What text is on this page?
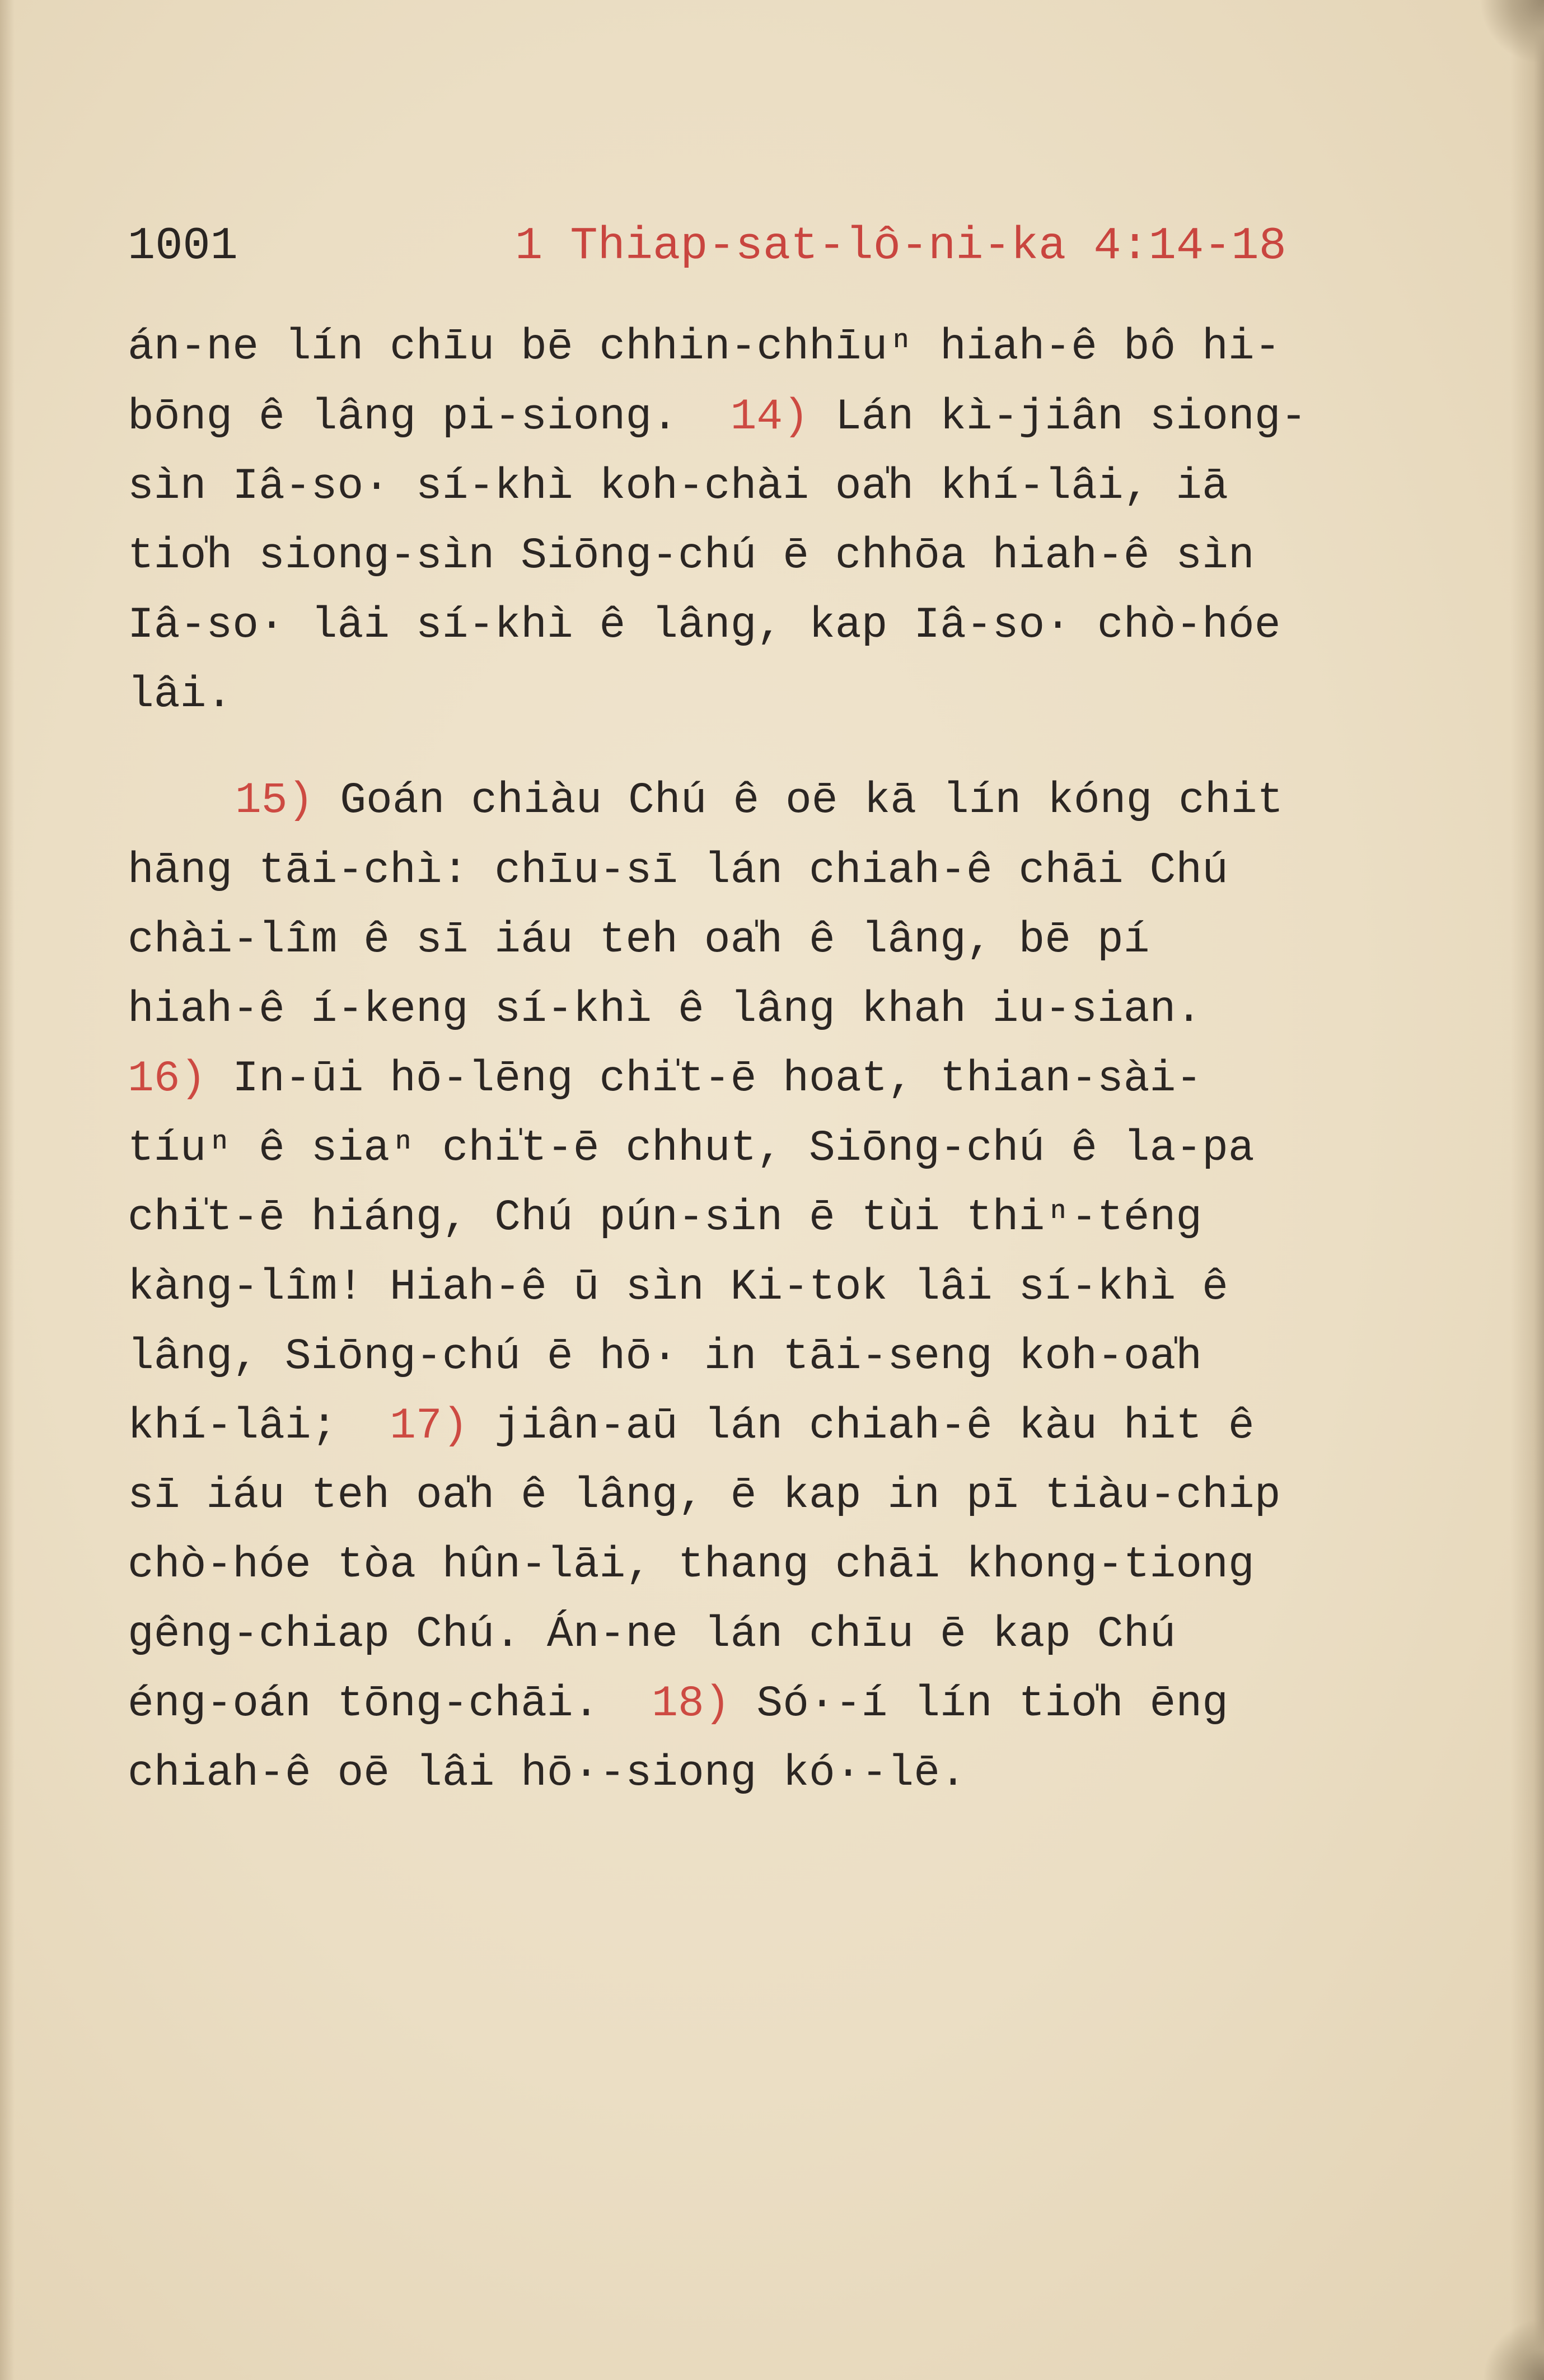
1001	1 Thiap-sat-lô-ni-ka 4:14-18
án-ne lín chīu bē chhin-chhīuⁿ hiah-ê bô hi-
bōng ê lâng pi-siong.  14) Lán kì-jiân siong-
sìn Iâ-so· sí-khì koh-chài oa̍h khí-lâi, iā
tio̍h siong-sìn Siōng-chú ē chhōa hiah-ê sìn
Iâ-so· lâi sí-khì ê lâng, kap Iâ-so· chò-hóe
lâi.
15) Goán chiàu Chú ê oē kā lín kóng chit
hāng tāi-chì: chīu-sī lán chiah-ê chāi Chú
chài-lîm ê sī iáu teh oa̍h ê lâng, bē pí
hiah-ê í-keng sí-khì ê lâng khah iu-sian.
16) In-ūi hō-lēng chi̍t-ē hoat, thian-sài-
tíuⁿ ê siaⁿ chi̍t-ē chhut, Siōng-chú ê la-pa
chi̍t-ē hiáng, Chú pún-sin ē tùi thiⁿ-téng
kàng-lîm! Hiah-ê ū sìn Ki-tok lâi sí-khì ê
lâng, Siōng-chú ē hō· in tāi-seng koh-oa̍h
khí-lâi;  17) jiân-aū lán chiah-ê kàu hit ê
sī iáu teh oa̍h ê lâng, ē kap in pī tiàu-chip
chò-hóe tòa hûn-lāi, thang chāi khong-tiong
gêng-chiap Chú. Án-ne lán chīu ē kap Chú
éng-oán tōng-chāi.  18) Só·-í lín tio̍h ēng
chiah-ê oē lâi hō·-siong kó·-lē.
